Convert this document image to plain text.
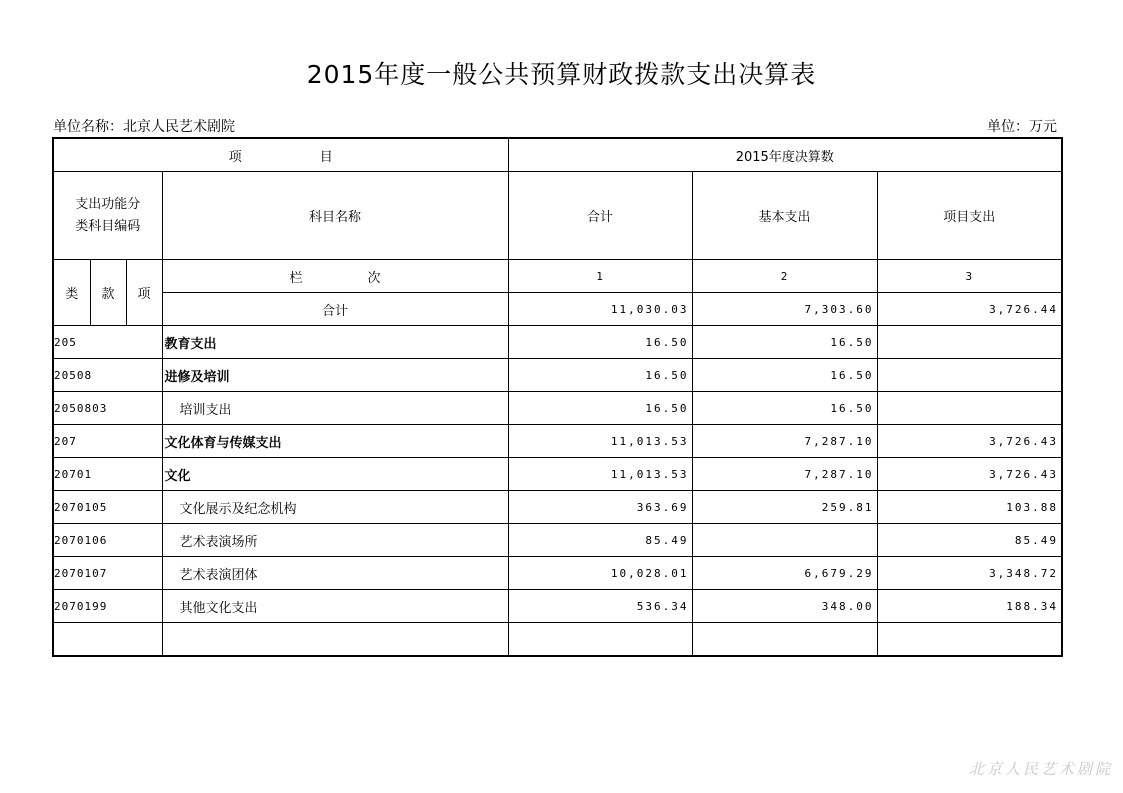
2015年度一般公共预算财政拨款支出决算表
单位名称：北京人民艺术剧院	单位：万元
项　　　　　　目				2015年度决算数		

支出功能分
类科目编码			科目名称	合计	基本支出	项目支出
类	款	项	栏　　　　　次	1	2	3
			合计	11,030.03	7,303.60	3,726.44
205			教育支出	16.50	16.50	
20508			进修及培训	16.50	16.50	
2050803			培训支出	16.50	16.50	
207			文化体育与传媒支出	11,013.53	7,287.10	3,726.43
20701			文化	11,013.53	7,287.10	3,726.43
2070105			文化展示及纪念机构	363.69	259.81	103.88
2070106			艺术表演场所	85.49		85.49
2070107			艺术表演团体	10,028.01	6,679.29	3,348.72
2070199			其他文化支出	536.34	348.00	188.34

北京人民艺术剧院
